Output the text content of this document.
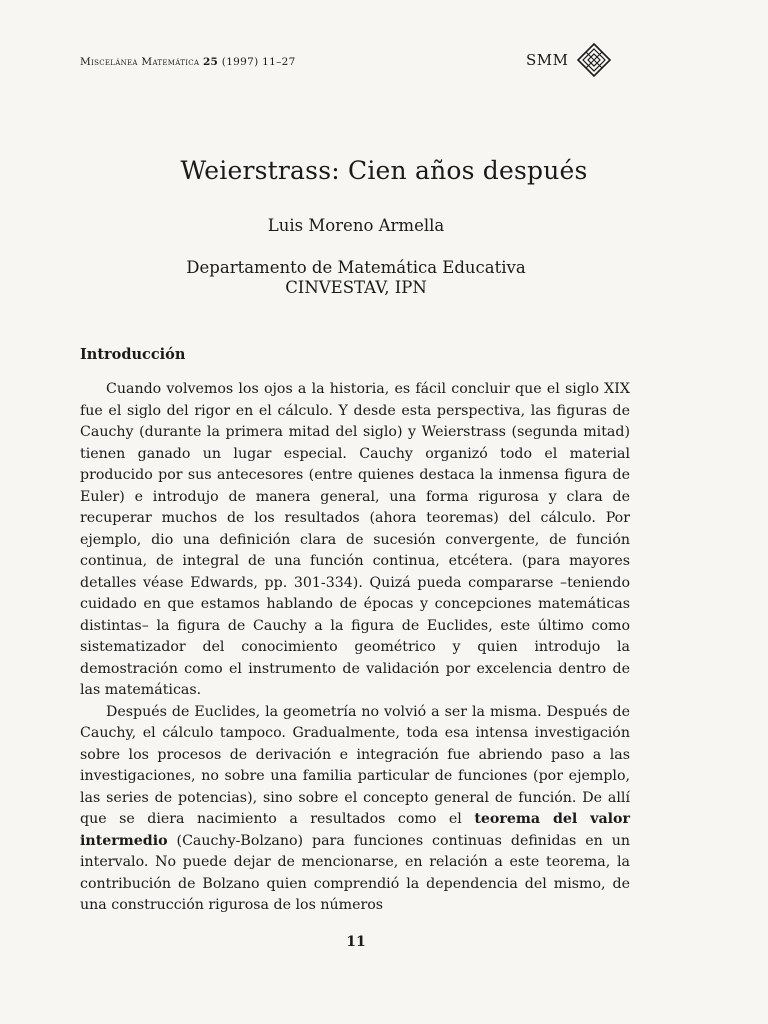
Miscelánea Matemática 25 (1997) 11–27	SMM
Weierstrass: Cien años después
Luis Moreno Armella
Departamento de Matemática Educativa
CINVESTAV, IPN
Introducción

Cuando volvemos los ojos a la historia, es fácil concluir que el siglo XIX fue el siglo del rigor en el cálculo. Y desde esta perspectiva, las figuras de Cauchy (durante la primera mitad del siglo) y Weierstrass (segunda mitad) tienen ganado un lugar especial. Cauchy organizó todo el material producido por sus antecesores (entre quienes destaca la inmensa figura de Euler) e introdujo de manera general, una forma rigurosa y clara de recuperar muchos de los resultados (ahora teoremas) del cálculo. Por ejemplo, dio una definición clara de sucesión convergente, de función continua, de integral de una función continua, etcétera. (para mayores detalles véase Edwards, pp. 301-334). Quizá pueda compararse –teniendo cuidado en que estamos hablando de épocas y concepciones matemáticas distintas– la figura de Cauchy a la figura de Euclides, este último como sistematizador del conocimiento geométrico y quien introdujo la demostración como el instrumento de validación por excelencia dentro de las matemáticas.

Después de Euclides, la geometría no volvió a ser la misma. Después de Cauchy, el cálculo tampoco. Gradualmente, toda esa intensa investigación sobre los procesos de derivación e integración fue abriendo paso a las investigaciones, no sobre una familia particular de funciones (por ejemplo, las series de potencias), sino sobre el concepto general de función. De allí que se diera nacimiento a resultados como el teorema del valor intermedio (Cauchy-Bolzano) para funciones continuas definidas en un intervalo. No puede dejar de mencionarse, en relación a este teorema, la contribución de Bolzano quien comprendió la dependencia del mismo, de una construcción rigurosa de los números

11
